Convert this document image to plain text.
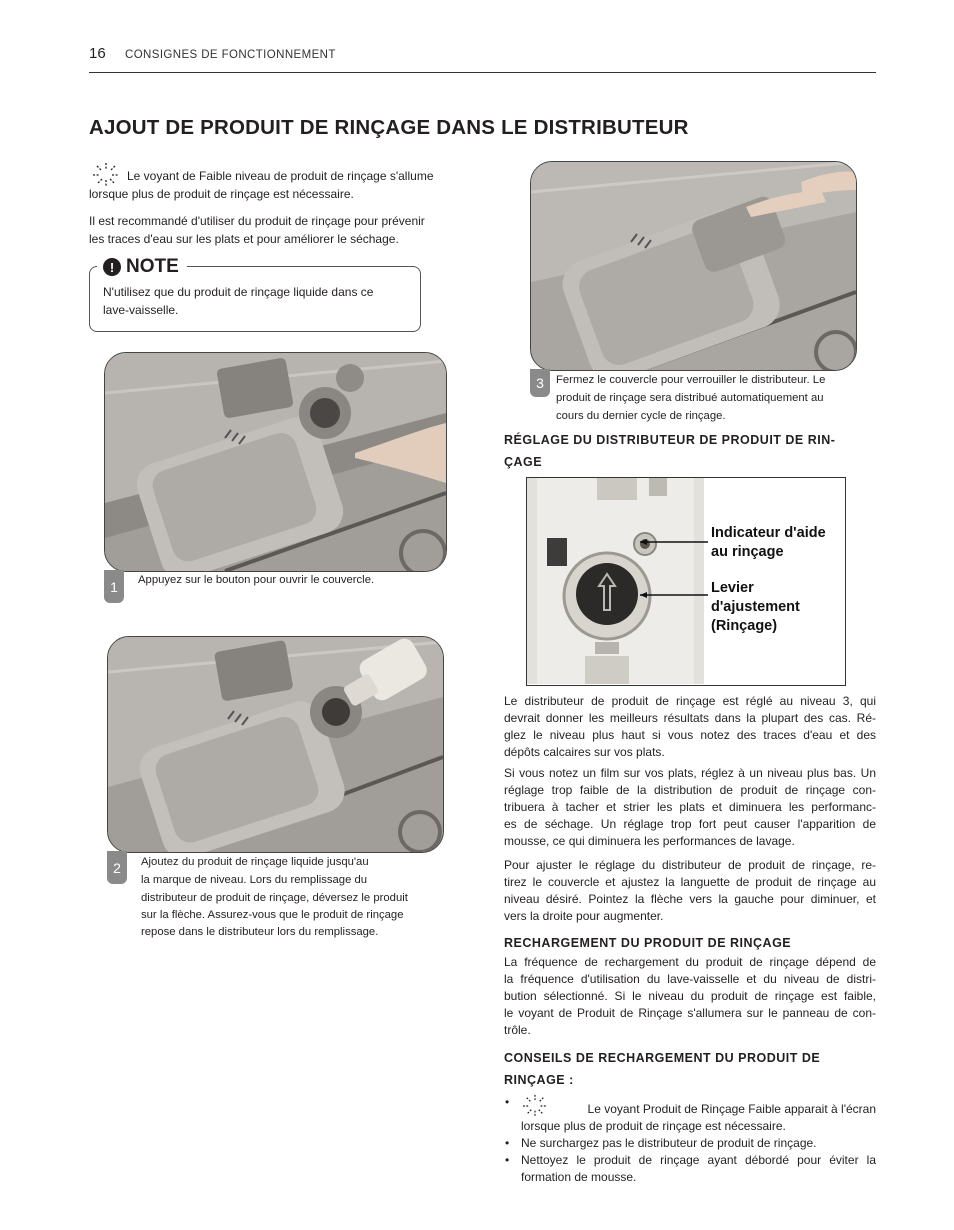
16 CONSIGNES DE FONCTIONNEMENT
AJOUT DE PRODUIT DE RINÇAGE DANS LE DISTRIBUTEUR
Le voyant de Faible niveau de produit de rinçage s'allume
lorsque plus de produit de rinçage est nécessaire.
Il est recommandé d'utiliser du produit de rinçage pour prévenir
les traces d'eau sur les plats et pour améliorer le séchage.
! NOTE
N'utilisez que du produit de rinçage liquide dans ce
lave-vaisselle.
1	Appuyez sur le bouton pour ouvrir le couvercle.
2	Ajoutez du produit de rinçage liquide jusqu'au
la marque de niveau. Lors du remplissage du
distributeur de produit de rinçage, déversez le produit
sur la flèche. Assurez-vous que le produit de rinçage
repose dans le distributeur lors du remplissage.
3	Fermez le couvercle pour verrouiller le distributeur. Le
produit de rinçage sera distribué automatiquement au
cours du dernier cycle de rinçage.
RÉGLAGE DU DISTRIBUTEUR DE PRODUIT DE RIN-
ÇAGE
Indicateur d'aide
au rinçage
Levier
d'ajustement
(Rinçage)
Le distributeur de produit de rinçage est réglé au niveau 3, qui
devrait donner les meilleurs résultats dans la plupart des cas. Ré-
glez le niveau plus haut si vous notez des traces d'eau et des
dépôts calcaires sur vos plats.
Si vous notez un film sur vos plats, réglez à un niveau plus bas. Un
réglage trop faible de la distribution de produit de rinçage con-
tribuera à tacher et strier les plats et diminuera les performanc-
es de séchage. Un réglage trop fort peut causer l'apparition de
mousse, ce qui diminuera les performances de lavage.
Pour ajuster le réglage du distributeur de produit de rinçage, re-
tirez le couvercle et ajustez la languette de produit de rinçage au
niveau désiré. Pointez la flèche vers la gauche pour diminuer, et
vers la droite pour augmenter.
RECHARGEMENT DU PRODUIT DE RINÇAGE
La fréquence de rechargement du produit de rinçage dépend de
la fréquence d'utilisation du lave-vaisselle et du niveau de distri-
bution sélectionné. Si le niveau du produit de rinçage est faible,
le voyant de Produit de Rinçage s'allumera sur le panneau de con-
trôle.
CONSEILS DE RECHARGEMENT DU PRODUIT DE
RINÇAGE :
• Le voyant Produit de Rinçage Faible apparait à l'écran
lorsque plus de produit de rinçage est nécessaire.
• Ne surchargez pas le distributeur de produit de rinçage.
• Nettoyez le produit de rinçage ayant débordé pour éviter la
formation de mousse.
